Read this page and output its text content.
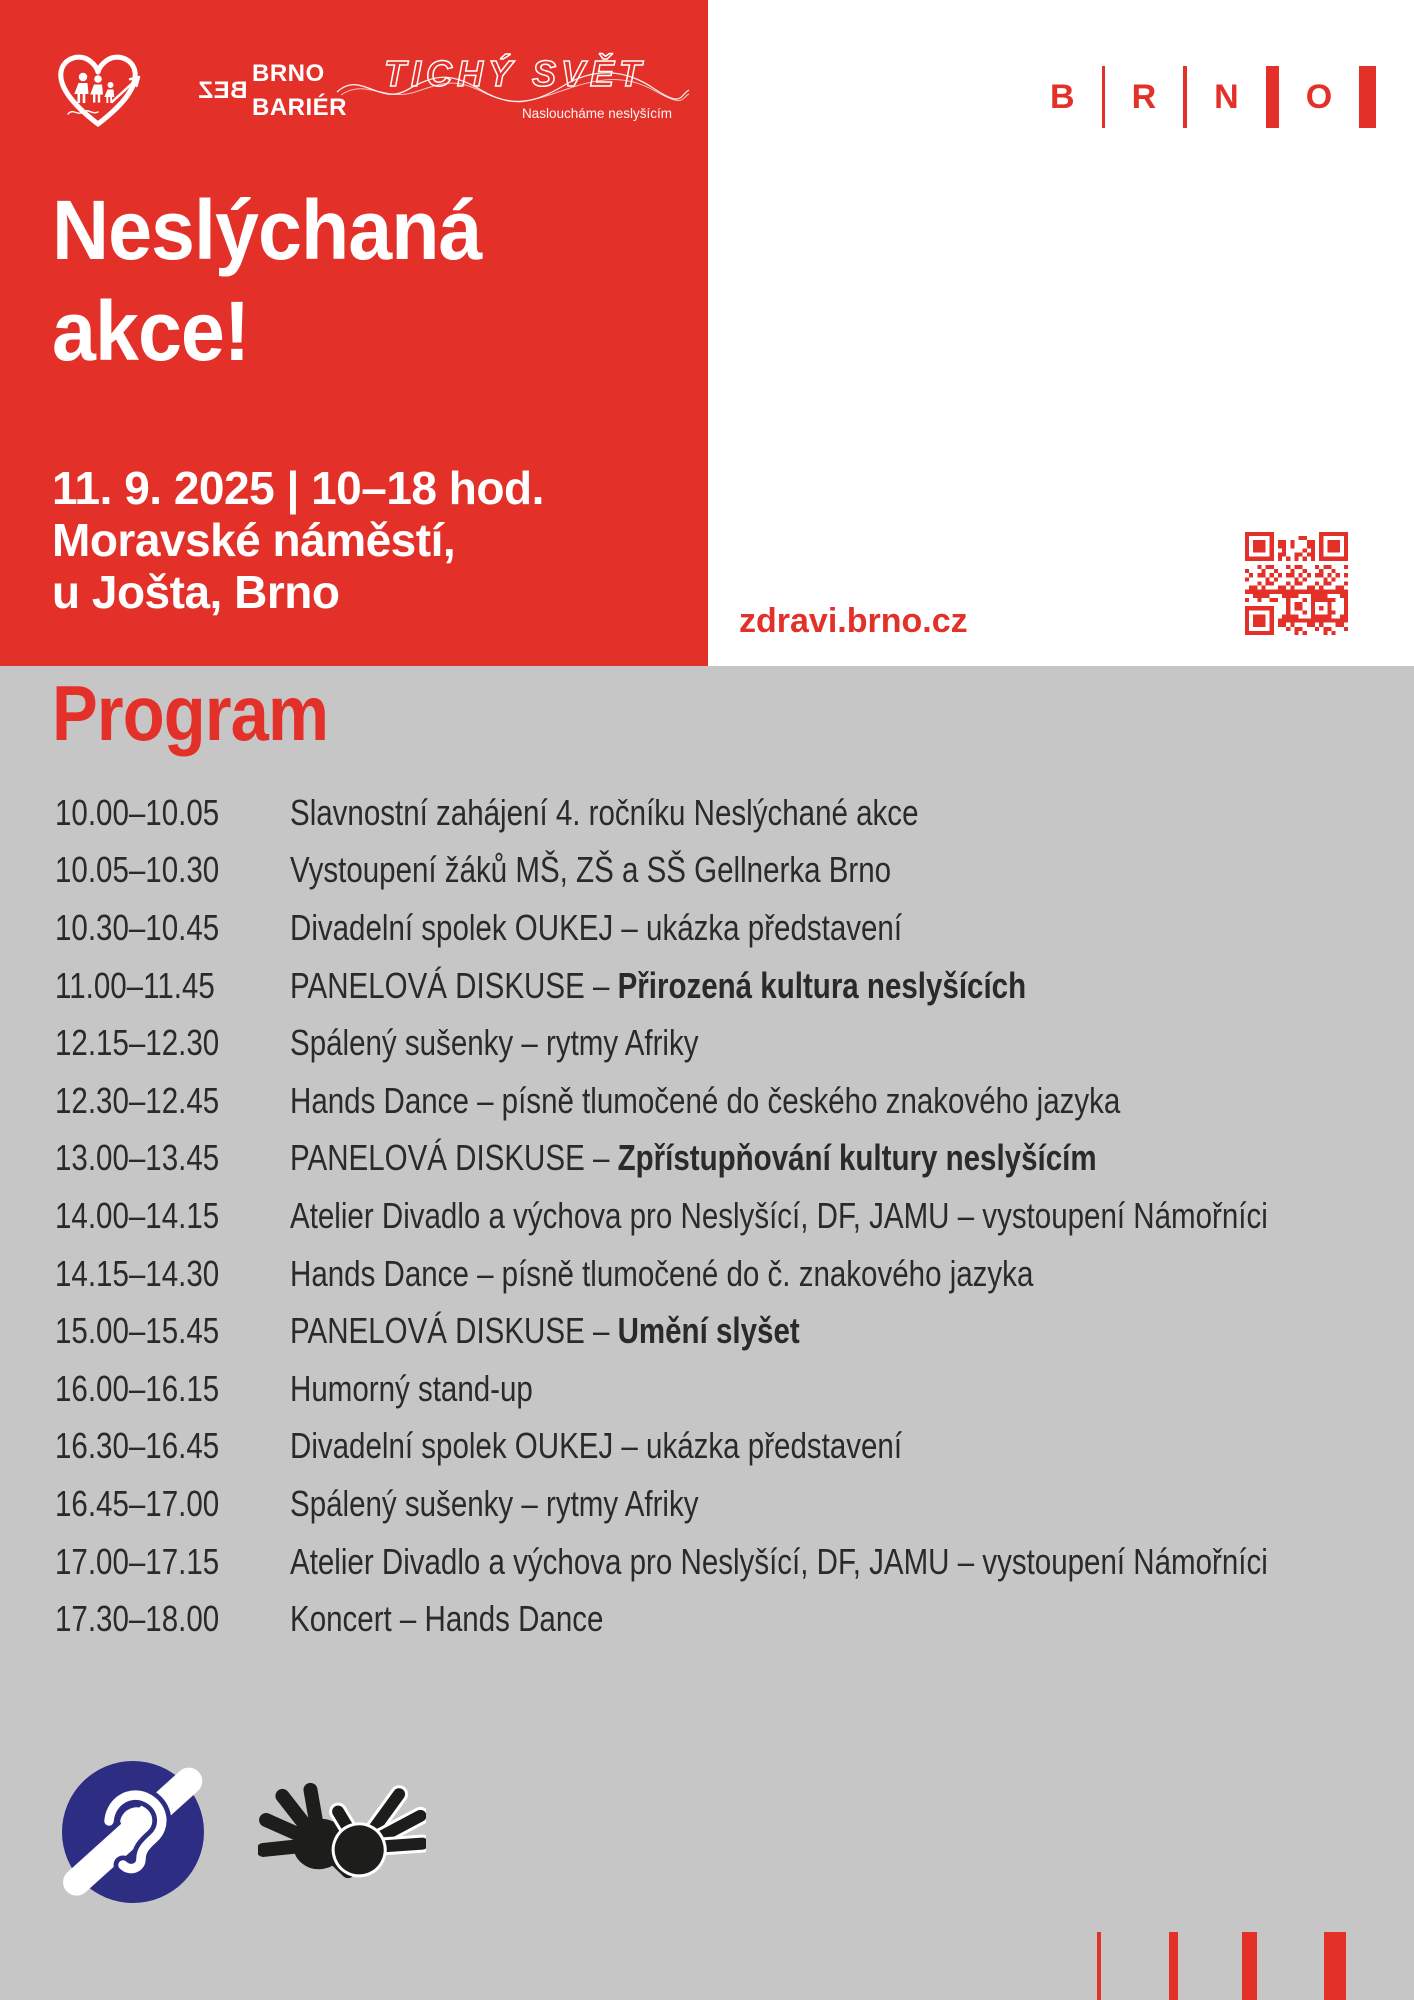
BRNO
BEZ
BARIÉR
TICHÝ SVĚT
Nasloucháme neslyšícím
Neslýchaná
akce!
11. 9. 2025 | 10–18 hod.
Moravské náměstí,
u Jošta, Brno
B R N O
zdravi.brno.cz
Program
10.00–10.05	Slavnostní zahájení 4. ročníku Neslýchané akce
10.05–10.30	Vystoupení žáků MŠ, ZŠ a SŠ Gellnerka Brno
10.30–10.45	Divadelní spolek OUKEJ – ukázka představení
11.00–11.45	PANELOVÁ DISKUSE – Přirozená kultura neslyšících
12.15–12.30	Spálený sušenky – rytmy Afriky
12.30–12.45	Hands Dance – písně tlumočené do českého znakového jazyka
13.00–13.45	PANELOVÁ DISKUSE – Zpřístupňování kultury neslyšícím
14.00–14.15	Atelier Divadlo a výchova pro Neslyšící, DF, JAMU – vystoupení Námořníci
14.15–14.30	Hands Dance – písně tlumočené do č. znakového jazyka
15.00–15.45	PANELOVÁ DISKUSE – Umění slyšet
16.00–16.15	Humorný stand-up
16.30–16.45	Divadelní spolek OUKEJ – ukázka představení
16.45–17.00	Spálený sušenky – rytmy Afriky
17.00–17.15	Atelier Divadlo a výchova pro Neslyšící, DF, JAMU – vystoupení Námořníci
17.30–18.00	Koncert – Hands Dance
